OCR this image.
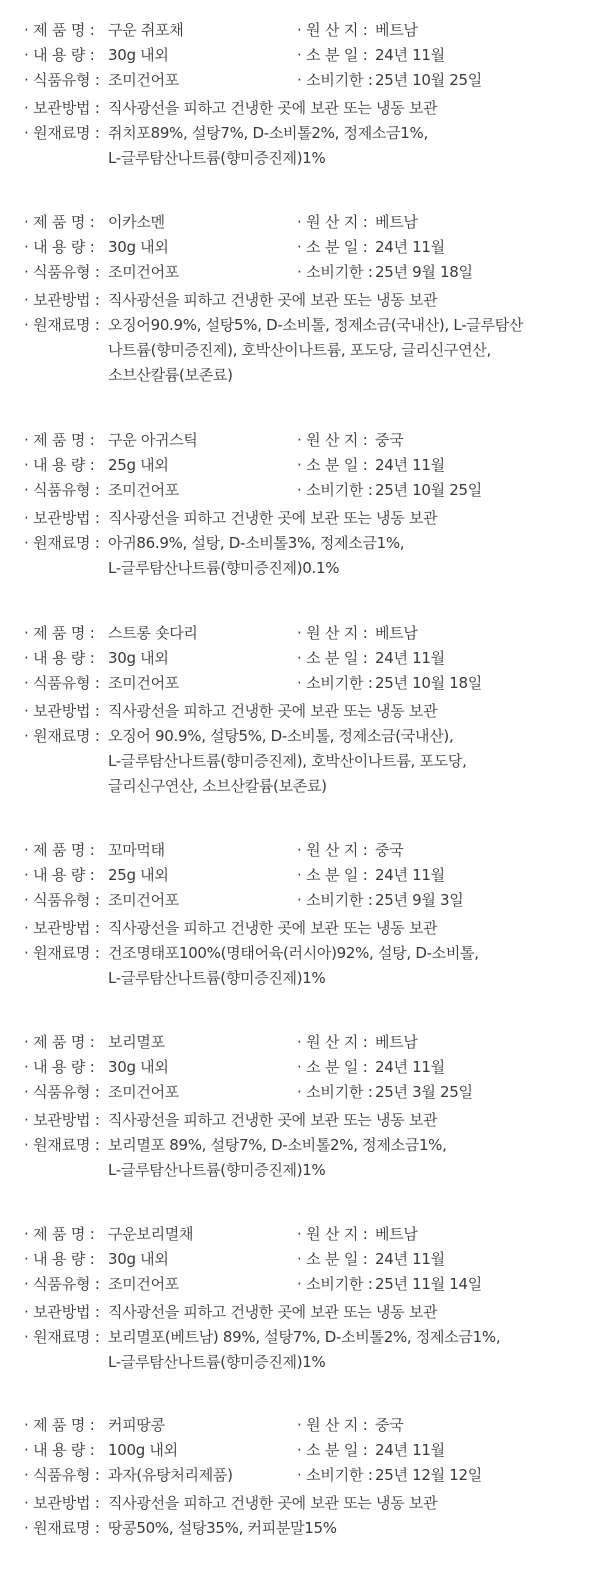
· 제 품 명 : 구운 쥐포채	· 원 산 지 : 베트남
· 내 용 량 : 30g 내외	· 소 분 일 : 24년 11월
· 식품유형 : 조미건어포	· 소비기한 : 25년 10월 25일
· 보관방법 : 직사광선을 피하고 건냉한 곳에 보관 또는 냉동 보관
· 원재료명 : 쥐치포89%, 설탕7%, D-소비톨2%, 정제소금1%,
L-글루탐산나트륨(향미증진제)1%
· 제 품 명 : 이카소멘	· 원 산 지 : 베트남
· 내 용 량 : 30g 내외	· 소 분 일 : 24년 11월
· 식품유형 : 조미건어포	· 소비기한 : 25년 9월 18일
· 보관방법 : 직사광선을 피하고 건냉한 곳에 보관 또는 냉동 보관
· 원재료명 : 오징어90.9%, 설탕5%, D-소비톨, 정제소금(국내산), L-글루탐산
나트륨(향미증진제), 호박산이나트륨, 포도당, 글리신구연산,
소브산칼륨(보존료)
· 제 품 명 : 구운 아귀스틱	· 원 산 지 : 중국
· 내 용 량 : 25g 내외	· 소 분 일 : 24년 11월
· 식품유형 : 조미건어포	· 소비기한 : 25년 10월 25일
· 보관방법 : 직사광선을 피하고 건냉한 곳에 보관 또는 냉동 보관
· 원재료명 : 아귀86.9%, 설탕, D-소비톨3%, 정제소금1%,
L-글루탐산나트륨(향미증진제)0.1%
· 제 품 명 : 스트롱 숏다리	· 원 산 지 : 베트남
· 내 용 량 : 30g 내외	· 소 분 일 : 24년 11월
· 식품유형 : 조미건어포	· 소비기한 : 25년 10월 18일
· 보관방법 : 직사광선을 피하고 건냉한 곳에 보관 또는 냉동 보관
· 원재료명 : 오징어 90.9%, 설탕5%, D-소비톨, 정제소금(국내산),
L-글루탐산나트륨(향미증진제), 호박산이나트륨, 포도당,
글리신구연산, 소브산칼륨(보존료)
· 제 품 명 : 꼬마먹태	· 원 산 지 : 중국
· 내 용 량 : 25g 내외	· 소 분 일 : 24년 11월
· 식품유형 : 조미건어포	· 소비기한 : 25년 9월 3일
· 보관방법 : 직사광선을 피하고 건냉한 곳에 보관 또는 냉동 보관
· 원재료명 : 건조명태포100%(명태어육(러시아)92%, 설탕, D-소비톨,
L-글루탐산나트륨(향미증진제)1%
· 제 품 명 : 보리멸포	· 원 산 지 : 베트남
· 내 용 량 : 30g 내외	· 소 분 일 : 24년 11월
· 식품유형 : 조미건어포	· 소비기한 : 25년 3월 25일
· 보관방법 : 직사광선을 피하고 건냉한 곳에 보관 또는 냉동 보관
· 원재료명 : 보리멸포 89%, 설탕7%, D-소비톨2%, 정제소금1%,
L-글루탐산나트륨(향미증진제)1%
· 제 품 명 : 구운보리멸채	· 원 산 지 : 베트남
· 내 용 량 : 30g 내외	· 소 분 일 : 24년 11월
· 식품유형 : 조미건어포	· 소비기한 : 25년 11월 14일
· 보관방법 : 직사광선을 피하고 건냉한 곳에 보관 또는 냉동 보관
· 원재료명 : 보리멸포(베트남) 89%, 설탕7%, D-소비톨2%, 정제소금1%,
L-글루탐산나트륨(향미증진제)1%
· 제 품 명 : 커피땅콩	· 원 산 지 : 중국
· 내 용 량 : 100g 내외	· 소 분 일 : 24년 11월
· 식품유형 : 과자(유탕처리제품)	· 소비기한 : 25년 12월 12일
· 보관방법 : 직사광선을 피하고 건냉한 곳에 보관 또는 냉동 보관
· 원재료명 : 땅콩50%, 설탕35%, 커피분말15%
